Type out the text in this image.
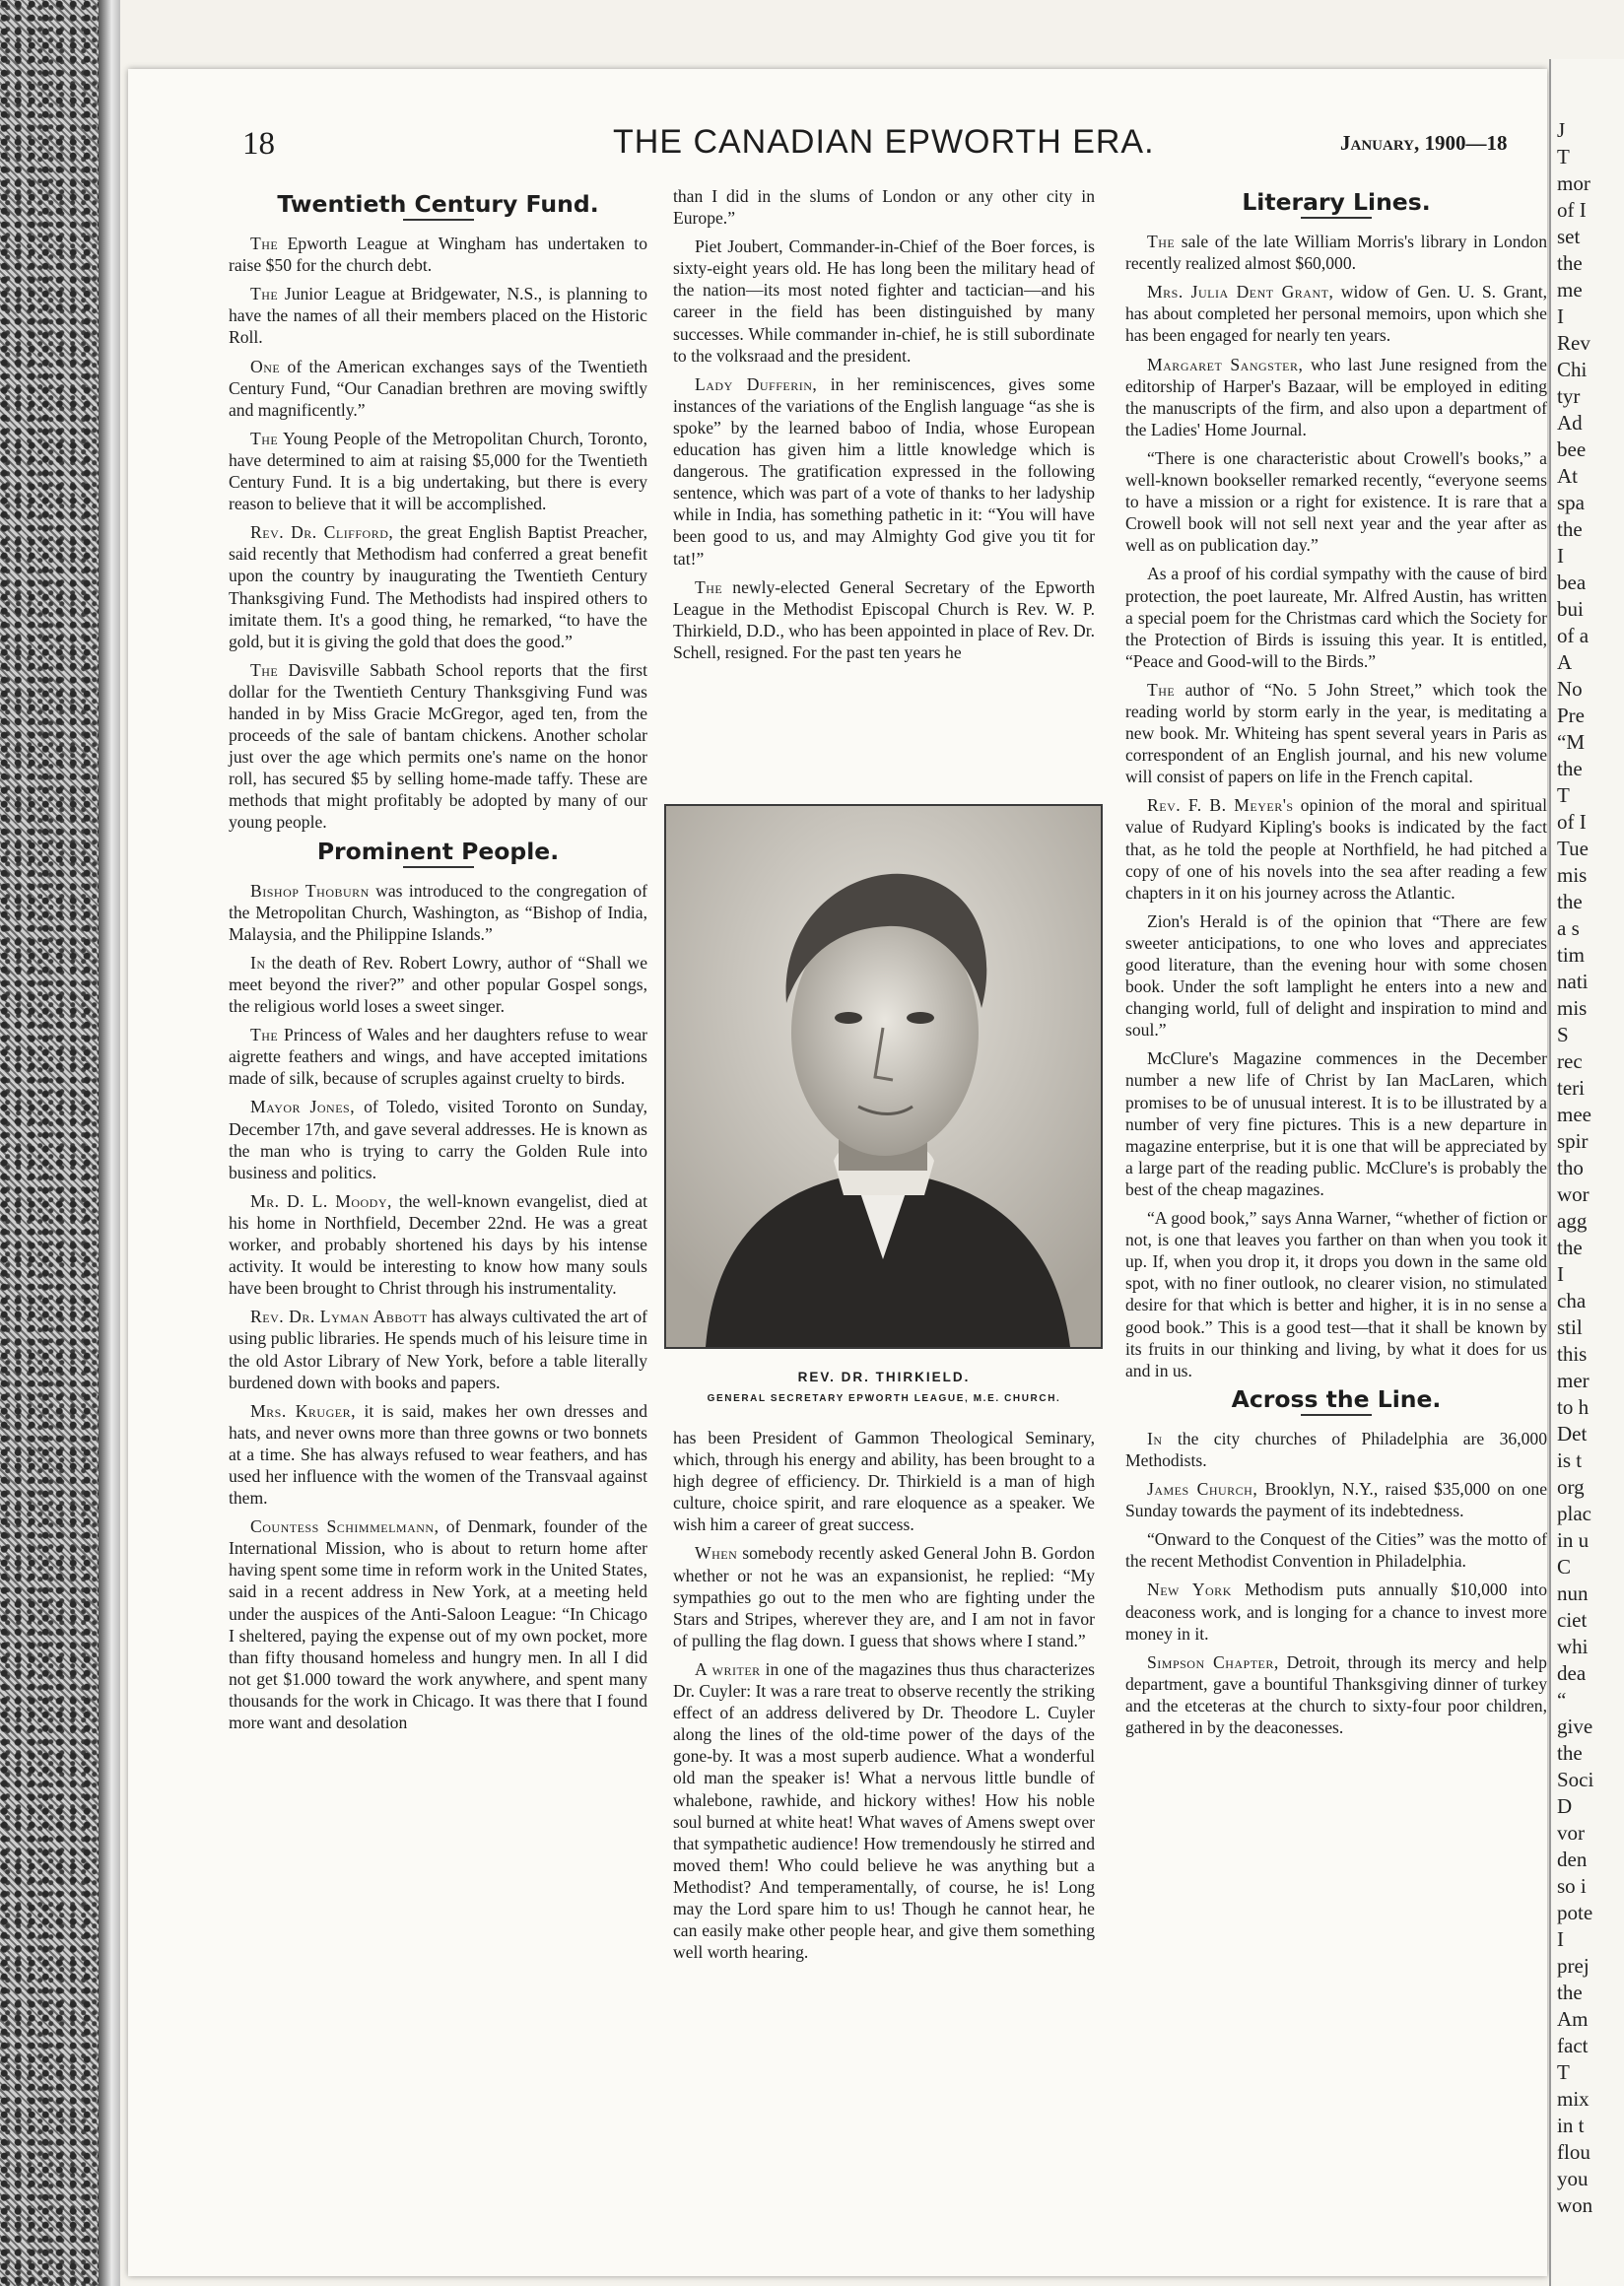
J
T
mor
of I
set
the
me
I
Rev
Chi
tyr
Ad
bee
At
spa
the
I
bea
bui
of a
A
No
Pre
“M
the
T
of I
Tue
mis
the
a s
tim
nati
mis
S
rec
teri
mee
spir
tho
wor
agg
the
I
cha
stil
this
mer
to h
Det
is t
org
plac
in u
C
nun
ciet
whi
dea
“
give
the
Soci
D
vor
den
so i
pote
I
prej
the
Am
fact
T
mix
in t
flou
you
won
18	THE CANADIAN EPWORTH ERA.	January, 1900—18
Twentieth Century Fund.

The Epworth League at Wingham has undertaken to raise $50 for the church debt.

The Junior League at Bridgewater, N.S., is planning to have the names of all their members placed on the Historic Roll.

One of the American exchanges says of the Twentieth Century Fund, “Our Canadian brethren are moving swiftly and magnificently.”

The Young People of the Metropolitan Church, Toronto, have determined to aim at raising $5,000 for the Twentieth Century Fund. It is a big undertaking, but there is every reason to believe that it will be accomplished.

Rev. Dr. Clifford, the great English Baptist Preacher, said recently that Methodism had conferred a great benefit upon the country by inaugurating the Twentieth Century Thanksgiving Fund. The Methodists had inspired others to imitate them. It's a good thing, he remarked, “to have the gold, but it is giving the gold that does the good.”

The Davisville Sabbath School reports that the first dollar for the Twentieth Century Thanksgiving Fund was handed in by Miss Gracie McGregor, aged ten, from the proceeds of the sale of bantam chickens. Another scholar just over the age which permits one's name on the honor roll, has secured $5 by selling home-made taffy. These are methods that might profitably be adopted by many of our young people.

Prominent People.

Bishop Thoburn was introduced to the congregation of the Metropolitan Church, Washington, as “Bishop of India, Malaysia, and the Philippine Islands.”

In the death of Rev. Robert Lowry, author of “Shall we meet beyond the river?” and other popular Gospel songs, the religious world loses a sweet singer.

The Princess of Wales and her daughters refuse to wear aigrette feathers and wings, and have accepted imitations made of silk, because of scruples against cruelty to birds.

Mayor Jones, of Toledo, visited Toronto on Sunday, December 17th, and gave several addresses. He is known as the man who is trying to carry the Golden Rule into business and politics.

Mr. D. L. Moody, the well-known evangelist, died at his home in Northfield, December 22nd. He was a great worker, and probably shortened his days by his intense activity. It would be interesting to know how many souls have been brought to Christ through his instrumentality.

Rev. Dr. Lyman Abbott has always cultivated the art of using public libraries. He spends much of his leisure time in the old Astor Library of New York, before a table literally burdened down with books and papers.

Mrs. Kruger, it is said, makes her own dresses and hats, and never owns more than three gowns or two bonnets at a time. She has always refused to wear feathers, and has used her influence with the women of the Transvaal against them.

Countess Schimmelmann, of Denmark, founder of the International Mission, who is about to return home after having spent some time in reform work in the United States, said in a recent address in New York, at a meeting held under the auspices of the Anti-Saloon League: “In Chicago I sheltered, paying the expense out of my own pocket, more than fifty thousand homeless and hungry men. In all I did not get $1.000 toward the work anywhere, and spent many thousands for the work in Chicago. It was there that I found more want and desolation

than I did in the slums of London or any other city in Europe.”

Piet Joubert, Commander-in-Chief of the Boer forces, is sixty-eight years old. He has long been the military head of the nation—its most noted fighter and tactician—and his career in the field has been distinguished by many successes. While commander in-chief, he is still subordinate to the volksraad and the president.

Lady Dufferin, in her reminiscences, gives some instances of the variations of the English language “as she is spoke” by the learned baboo of India, whose European education has given him a little knowledge which is dangerous. The gratification expressed in the following sentence, which was part of a vote of thanks to her ladyship while in India, has something pathetic in it: “You will have been good to us, and may Almighty God give you tit for tat!”

The newly-elected General Secretary of the Epworth League in the Methodist Episcopal Church is Rev. W. P. Thirkield, D.D., who has been appointed in place of Rev. Dr. Schell, resigned. For the past ten years he

REV. DR. THIRKIELD.
GENERAL SECRETARY EPWORTH LEAGUE, M.E. CHURCH.

has been President of Gammon Theological Seminary, which, through his energy and ability, has been brought to a high degree of efficiency. Dr. Thirkield is a man of high culture, choice spirit, and rare eloquence as a speaker. We wish him a career of great success.

When somebody recently asked General John B. Gordon whether or not he was an expansionist, he replied: “My sympathies go out to the men who are fighting under the Stars and Stripes, wherever they are, and I am not in favor of pulling the flag down. I guess that shows where I stand.”

A writer in one of the magazines thus thus characterizes Dr. Cuyler: It was a rare treat to observe recently the striking effect of an address delivered by Dr. Theodore L. Cuyler along the lines of the old-time power of the days of the gone-by. It was a most superb audience. What a wonderful old man the speaker is! What a nervous little bundle of whalebone, rawhide, and hickory withes! How his noble soul burned at white heat! What waves of Amens swept over that sympathetic audience! How tremendously he stirred and moved them! Who could believe he was anything but a Methodist? And temperamentally, of course, he is! Long may the Lord spare him to us! Though he cannot hear, he can easily make other people hear, and give them something well worth hearing.

Literary Lines.

The sale of the late William Morris's library in London recently realized almost $60,000.

Mrs. Julia Dent Grant, widow of Gen. U. S. Grant, has about completed her personal memoirs, upon which she has been engaged for nearly ten years.

Margaret Sangster, who last June resigned from the editorship of Harper's Bazaar, will be employed in editing the manuscripts of the firm, and also upon a department of the Ladies' Home Journal.

“There is one characteristic about Crowell's books,” a well-known bookseller remarked recently, “everyone seems to have a mission or a right for existence. It is rare that a Crowell book will not sell next year and the year after as well as on publication day.”

As a proof of his cordial sympathy with the cause of bird protection, the poet laureate, Mr. Alfred Austin, has written a special poem for the Christmas card which the Society for the Protection of Birds is issuing this year. It is entitled, “Peace and Good-will to the Birds.”

The author of “No. 5 John Street,” which took the reading world by storm early in the year, is meditating a new book. Mr. Whiteing has spent several years in Paris as correspondent of an English journal, and his new volume will consist of papers on life in the French capital.

Rev. F. B. Meyer's opinion of the moral and spiritual value of Rudyard Kipling's books is indicated by the fact that, as he told the people at Northfield, he had pitched a copy of one of his novels into the sea after reading a few chapters in it on his journey across the Atlantic.

Zion's Herald is of the opinion that “There are few sweeter anticipations, to one who loves and appreciates good literature, than the evening hour with some chosen book. Under the soft lamplight he enters into a new and changing world, full of delight and inspiration to mind and soul.”

McClure's Magazine commences in the December number a new life of Christ by Ian MacLaren, which promises to be of unusual interest. It is to be illustrated by a number of very fine pictures. This is a new departure in magazine enterprise, but it is one that will be appreciated by a large part of the reading public. McClure's is probably the best of the cheap magazines.

“A good book,” says Anna Warner, “whether of fiction or not, is one that leaves you farther on than when you took it up. If, when you drop it, it drops you down in the same old spot, with no finer outlook, no clearer vision, no stimulated desire for that which is better and higher, it is in no sense a good book.” This is a good test—that it shall be known by its fruits in our thinking and living, by what it does for us and in us.

Across the Line.

In the city churches of Philadelphia are 36,000 Methodists.

James Church, Brooklyn, N.Y., raised $35,000 on one Sunday towards the payment of its indebtedness.

“Onward to the Conquest of the Cities” was the motto of the recent Methodist Convention in Philadelphia.

New York Methodism puts annually $10,000 into deaconess work, and is longing for a chance to invest more money in it.

Simpson Chapter, Detroit, through its mercy and help department, gave a bountiful Thanksgiving dinner of turkey and the etceteras at the church to sixty-four poor children, gathered in by the deaconesses.
